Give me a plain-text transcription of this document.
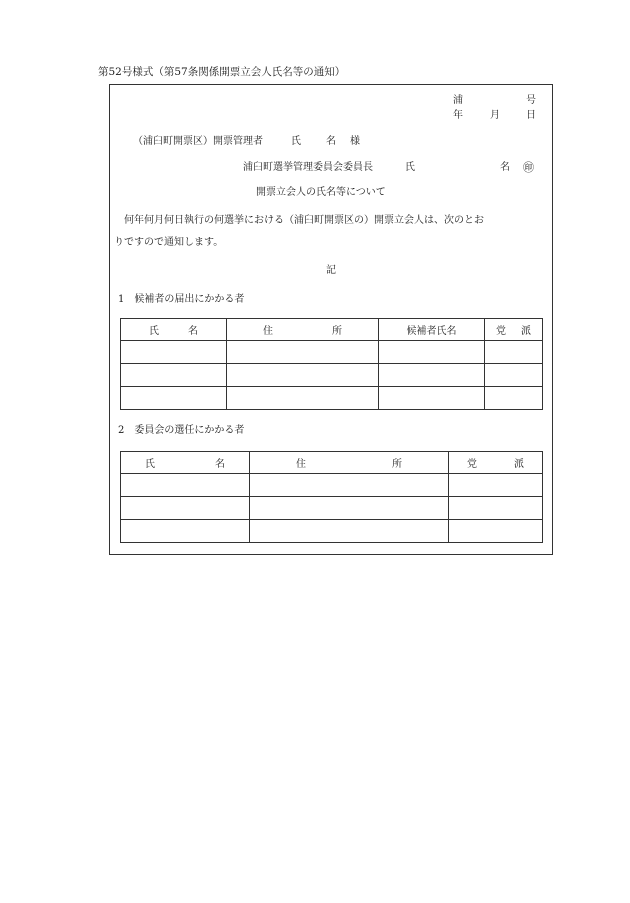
第52号様式（第57条関係開票立会人氏名等の通知）
浦	号
年	月	日
（浦臼町開票区）開票管理者	氏	名 様
浦臼町選挙管理委員会委員長	氏	名 ㊞
開票立会人の氏名等について
何年何月何日執行の何選挙における（浦臼町開票区の）開票立会人は、次のとお
りですので通知します。
記
1　候補者の届出にかかる者
氏 名	住 所	候補者氏名	党 派

2　委員会の選任にかかる者
氏 名	住 所	党 派
